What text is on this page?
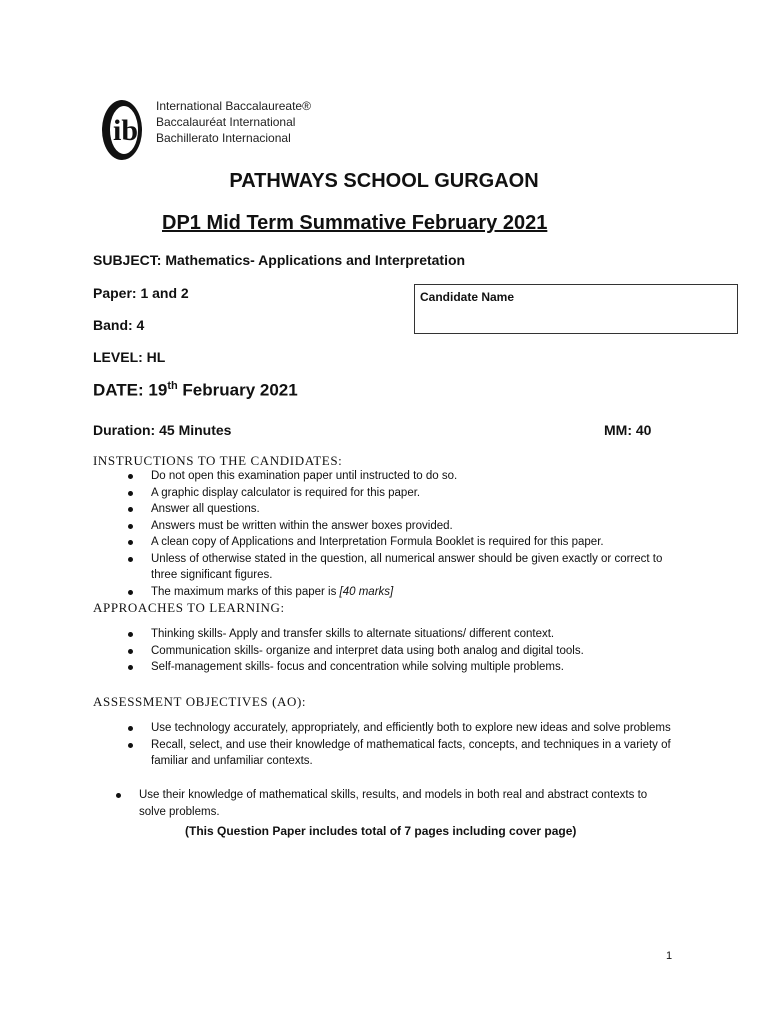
ib
International Baccalaureate®
Baccalauréat International
Bachillerato Internacional
PATHWAYS SCHOOL GURGAON
DP1 Mid Term Summative February 2021
SUBJECT: Mathematics- Applications and Interpretation
Paper: 1 and 2
Band: 4
LEVEL: HL
Candidate Name
DATE: 19th February 2021
Duration: 45 Minutes	MM: 40
INSTRUCTIONS TO THE CANDIDATES:
Do not open this examination paper until instructed to do so.
A graphic display calculator is required for this paper.
Answer all questions.
Answers must be written within the answer boxes provided.
A clean copy of Applications and Interpretation Formula Booklet is required for this paper.
Unless of otherwise stated in the question, all numerical answer should be given exactly or correct to three significant figures.
The maximum marks of this paper is [40 marks]
APPROACHES TO LEARNING:
Thinking skills- Apply and transfer skills to alternate situations/ different context.
Communication skills- organize and interpret data using both analog and digital tools.
Self-management skills- focus and concentration while solving multiple problems.
ASSESSMENT OBJECTIVES (AO):
Use technology accurately, appropriately, and efficiently both to explore new ideas and solve problems
Recall, select, and use their knowledge of mathematical facts, concepts, and techniques in a variety of familiar and unfamiliar contexts.
Use their knowledge of mathematical skills, results, and models in both real and abstract contexts to solve problems.
(This Question Paper includes total of 7 pages including cover page)
1
